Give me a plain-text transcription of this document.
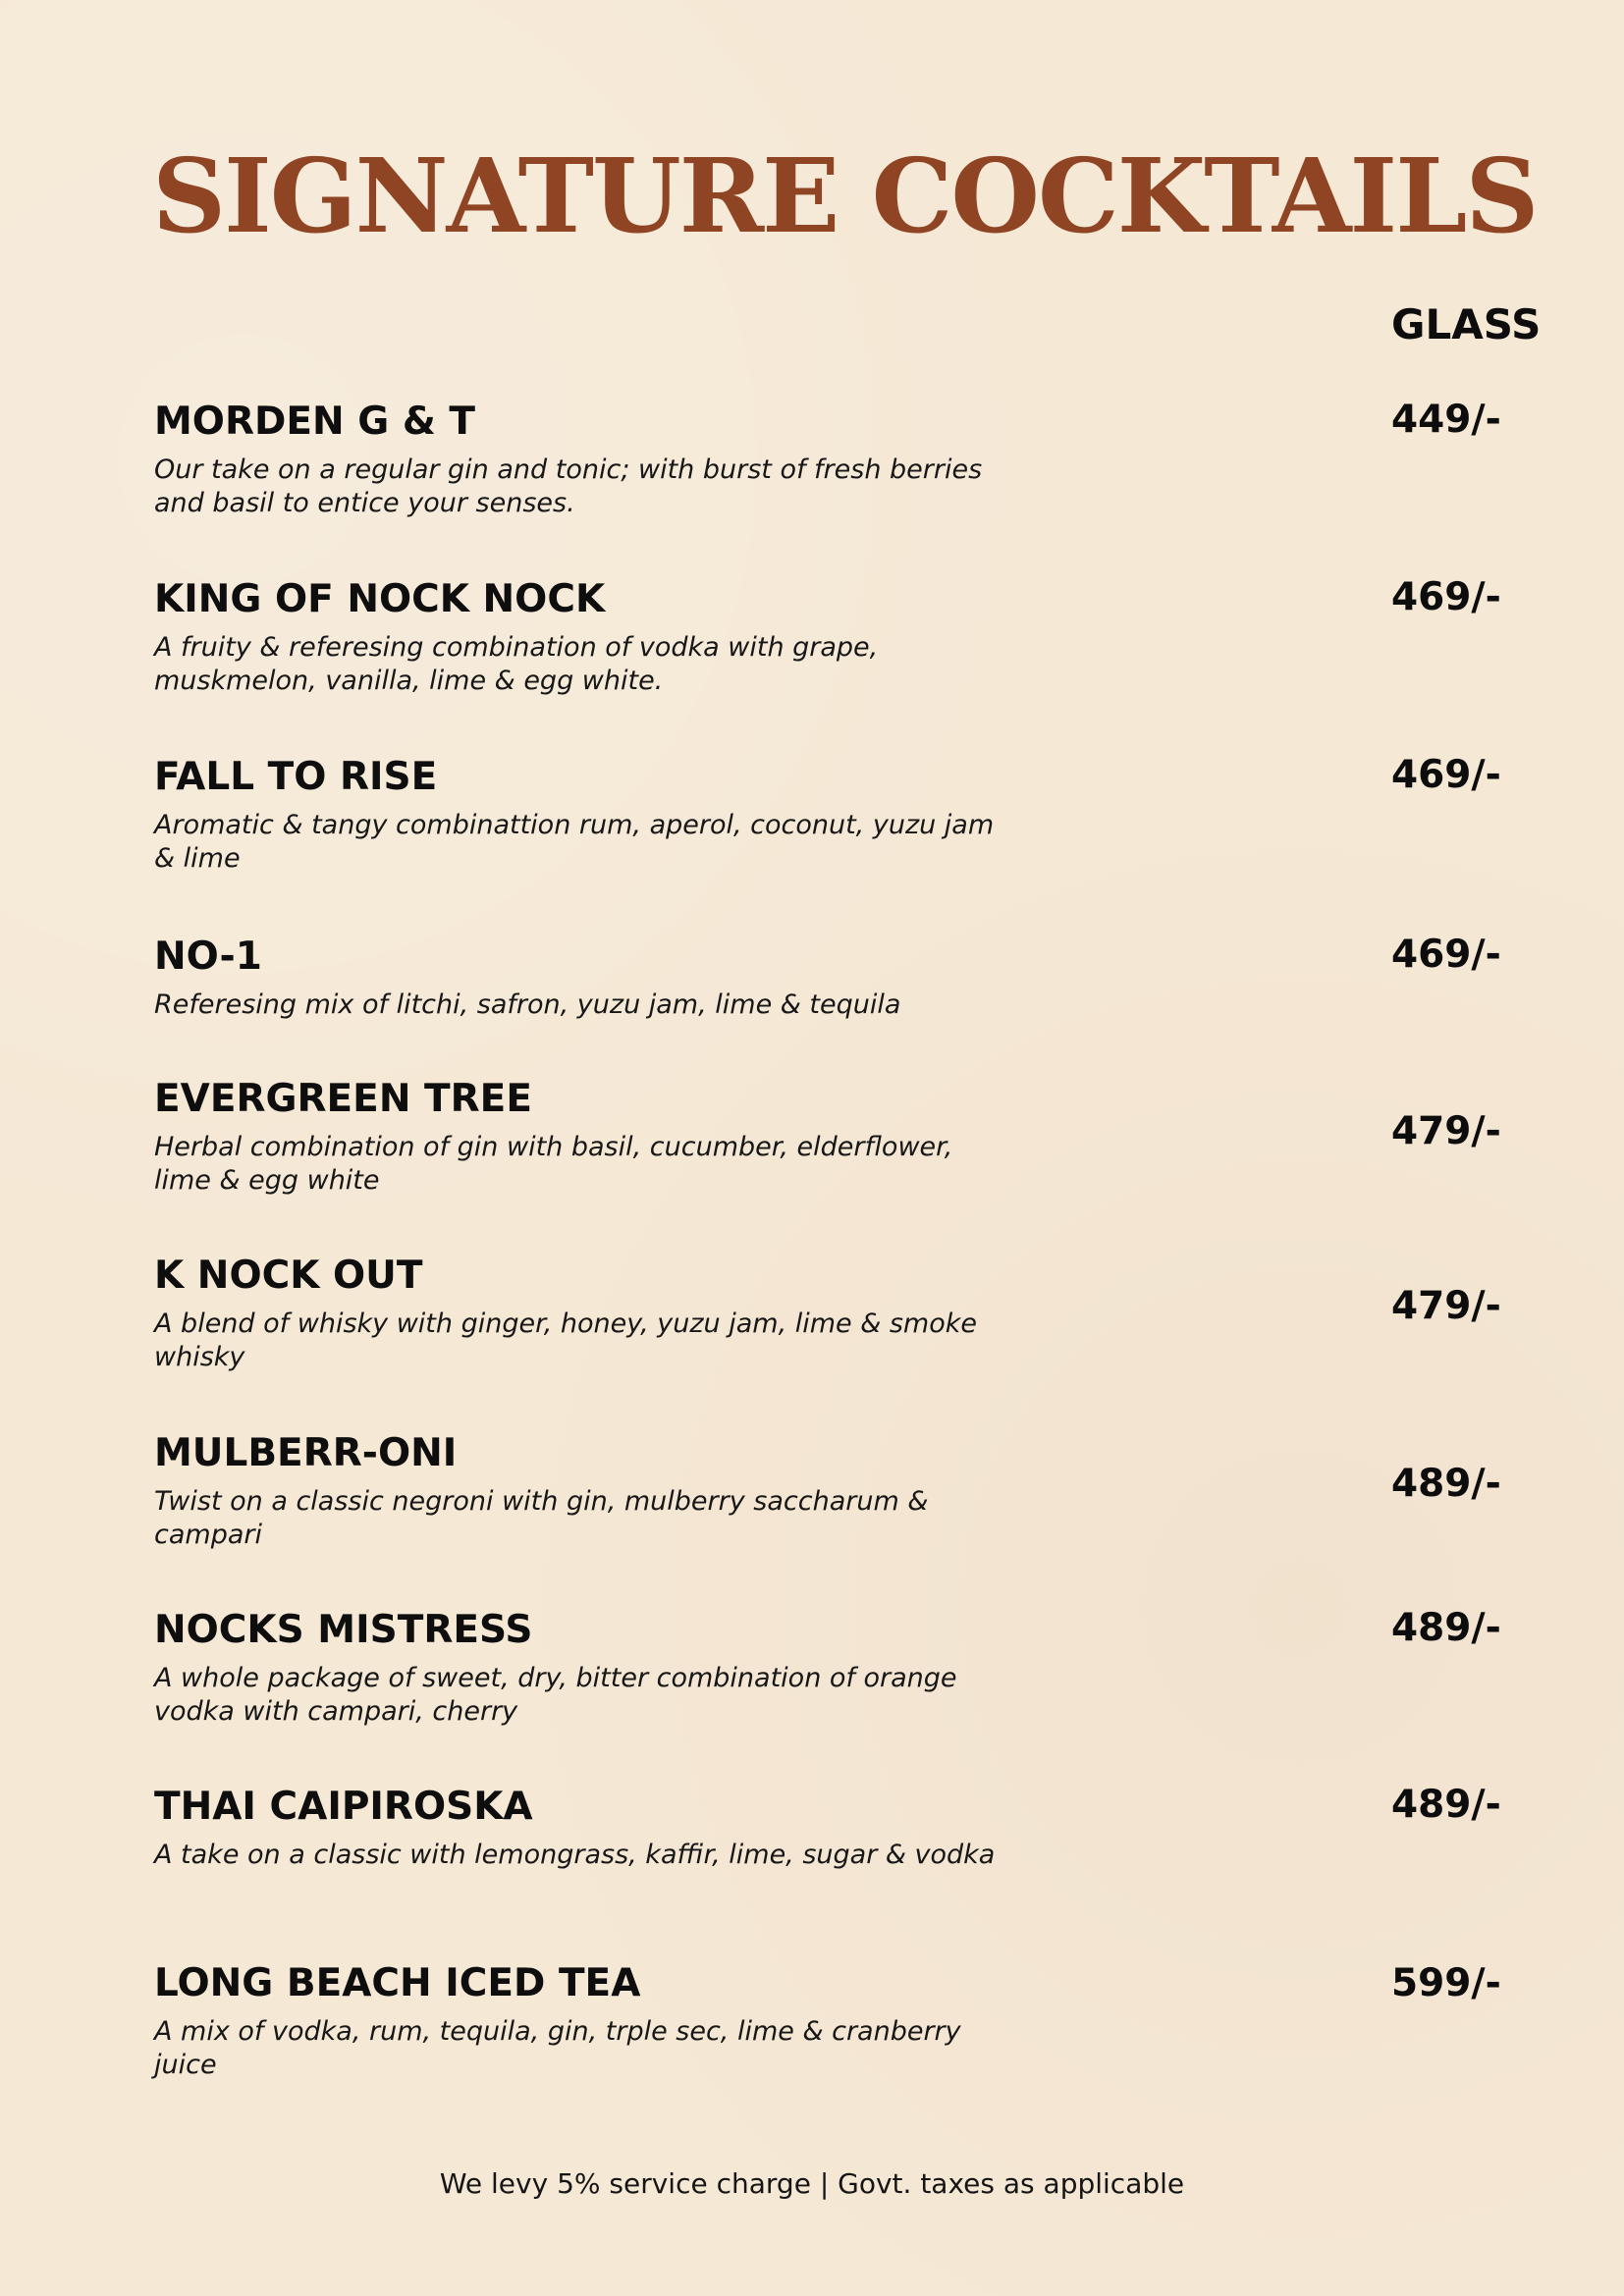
SIGNATURE COCKTAILS
GLASS
MORDEN G & T
Our take on a regular gin and tonic; with burst of fresh berries and basil to entice your senses.
449/-
KING OF NOCK NOCK
A fruity & referesing combination of vodka with grape, muskmelon, vanilla, lime & egg white.
469/-
FALL TO RISE
Aromatic & tangy combinattion rum, aperol, coconut, yuzu jam & lime
469/-
NO-1
Referesing mix of litchi, safron, yuzu jam, lime & tequila
469/-
EVERGREEN TREE
Herbal combination of gin with basil, cucumber, elderflower, lime & egg white
479/-
K NOCK OUT
A blend of whisky with ginger, honey, yuzu jam, lime & smoke whisky
479/-
MULBERR-ONI
Twist on a classic negroni with gin, mulberry saccharum & campari
489/-
NOCKS MISTRESS
A whole package of sweet, dry, bitter combination of orange vodka with campari, cherry
489/-
THAI CAIPIROSKA
A take on a classic with lemongrass, kaffir, lime, sugar & vodka
489/-
LONG BEACH ICED TEA
A mix of vodka, rum, tequila, gin, trple sec, lime & cranberry juice
599/-
We levy 5% service charge | Govt. taxes as applicable
